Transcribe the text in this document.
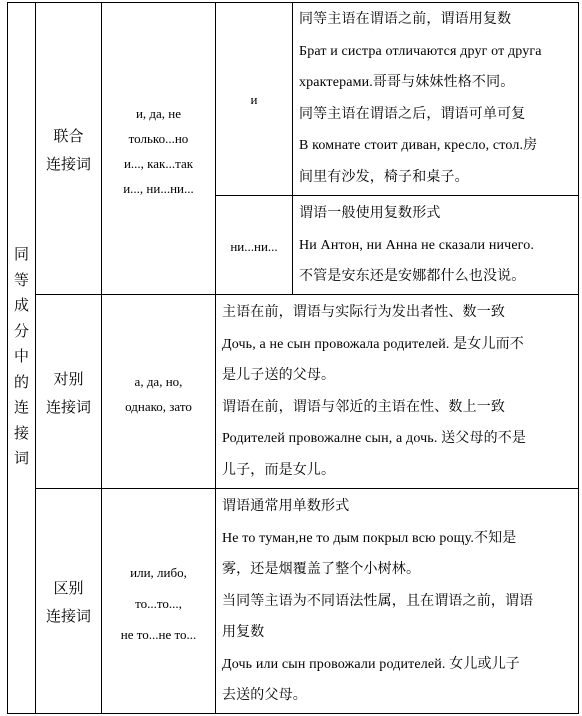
同
等
成
分
中
的
连
接
词
联合
连接词
и, да, не
только...но
и..., как...так
и..., ни...ни...
и
同等主语在谓语之前，谓语用复数
Брат и систра отличаются друг от друга
храктерами.哥哥与妹妹性格不同。
同等主语在谓语之后，谓语可单可复
В комнате стоит диван, кресло, стол.房
间里有沙发，椅子和桌子。
ни...ни...
谓语一般使用复数形式
Ни Антон, ни Анна не сказали ничего.
不管是安东还是安娜都什么也没说。
对别
连接词
а, да, но,
однако, зато
主语在前，谓语与实际行为发出者性、数一致
Дочь, а не сын провожала родителей. 是女儿而不
是儿子送的父母。
谓语在前，谓语与邻近的主语在性、数上一致
Родителей провожалне сын, а дочь. 送父母的不是
儿子，而是女儿。
区别
连接词
или, либо,
то...то...,
не то...не то...
谓语通常用单数形式
Не то туман,не то дым покрыл всю рощу.不知是
雾，还是烟覆盖了整个小树林。
当同等主语为不同语法性属，且在谓语之前，谓语
用复数
Дочь или сын провожали родителей. 女儿或儿子
去送的父母。
